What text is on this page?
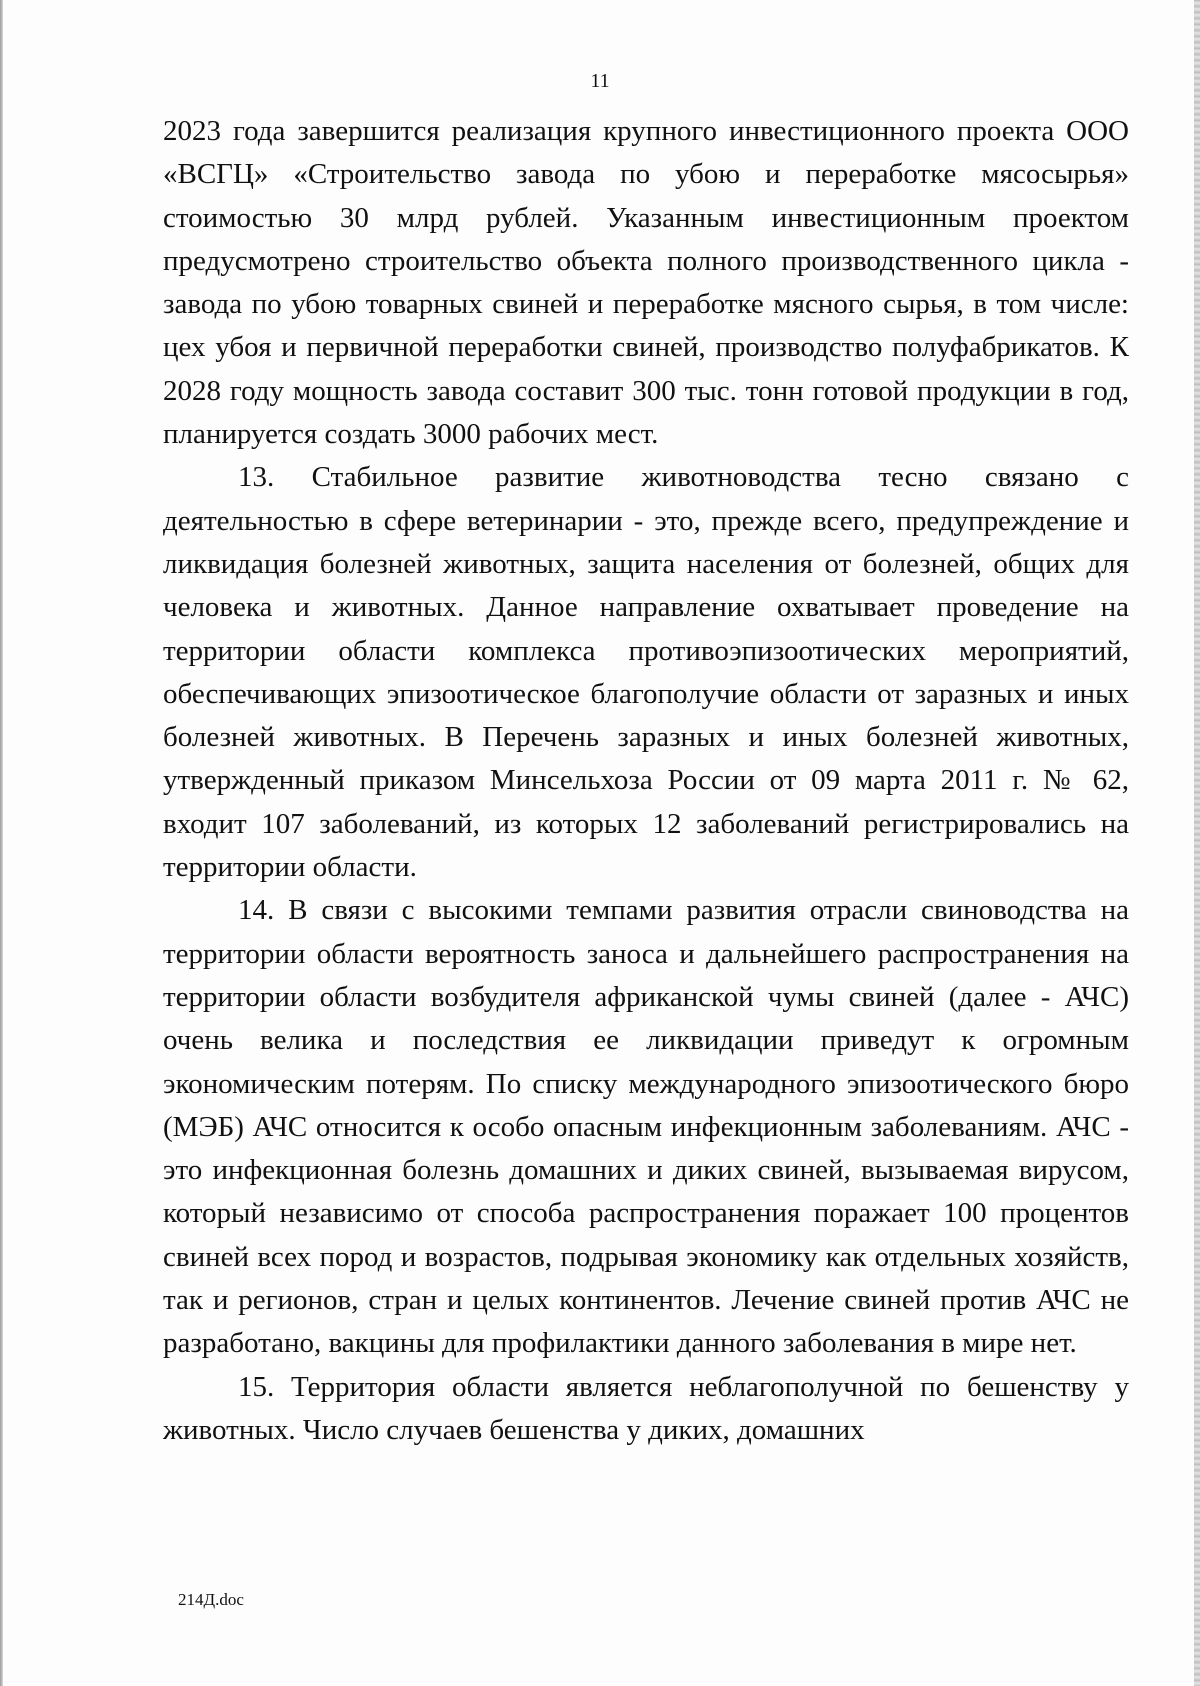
11

2023 года завершится реализация крупного инвестиционного проекта ООО «ВСГЦ» «Строительство завода по убою и переработке мясосырья» стоимостью 30 млрд рублей. Указанным инвестиционным проектом предусмотрено строительство объекта полного производственного цикла - завода по убою товарных свиней и переработке мясного сырья, в том числе: цех убоя и первичной переработки свиней, производство полуфабрикатов. К 2028 году мощность завода составит 300 тыс. тонн готовой продукции в год, планируется создать 3000 рабочих мест.

13. Стабильное развитие животноводства тесно связано с деятельностью в сфере ветеринарии - это, прежде всего, предупреждение и ликвидация болезней животных, защита населения от болезней, общих для человека и животных. Данное направление охватывает проведение на территории области комплекса противоэпизоотических мероприятий, обеспечивающих эпизоотическое благополучие области от заразных и иных болезней животных. В Перечень заразных и иных болезней животных, утвержденный приказом Минсельхоза России от 09 марта 2011 г. № 62, входит 107 заболеваний, из которых 12 заболеваний регистрировались на территории области.

14. В связи с высокими темпами развития отрасли свиноводства на территории области вероятность заноса и дальнейшего распространения на территории области возбудителя африканской чумы свиней (далее - АЧС) очень велика и последствия ее ликвидации приведут к огромным экономическим потерям. По списку международного эпизоотического бюро (МЭБ) АЧС относится к особо опасным инфекционным заболеваниям. АЧС - это инфекционная болезнь домашних и диких свиней, вызываемая вирусом, который независимо от способа распространения поражает 100 процентов свиней всех пород и возрастов, подрывая экономику как отдельных хозяйств, так и регионов, стран и целых континентов. Лечение свиней против АЧС не разработано, вакцины для профилактики данного заболевания в мире нет.

15. Территория области является неблагополучной по бешенству у животных. Число случаев бешенства у диких, домашних

214Д.doc
